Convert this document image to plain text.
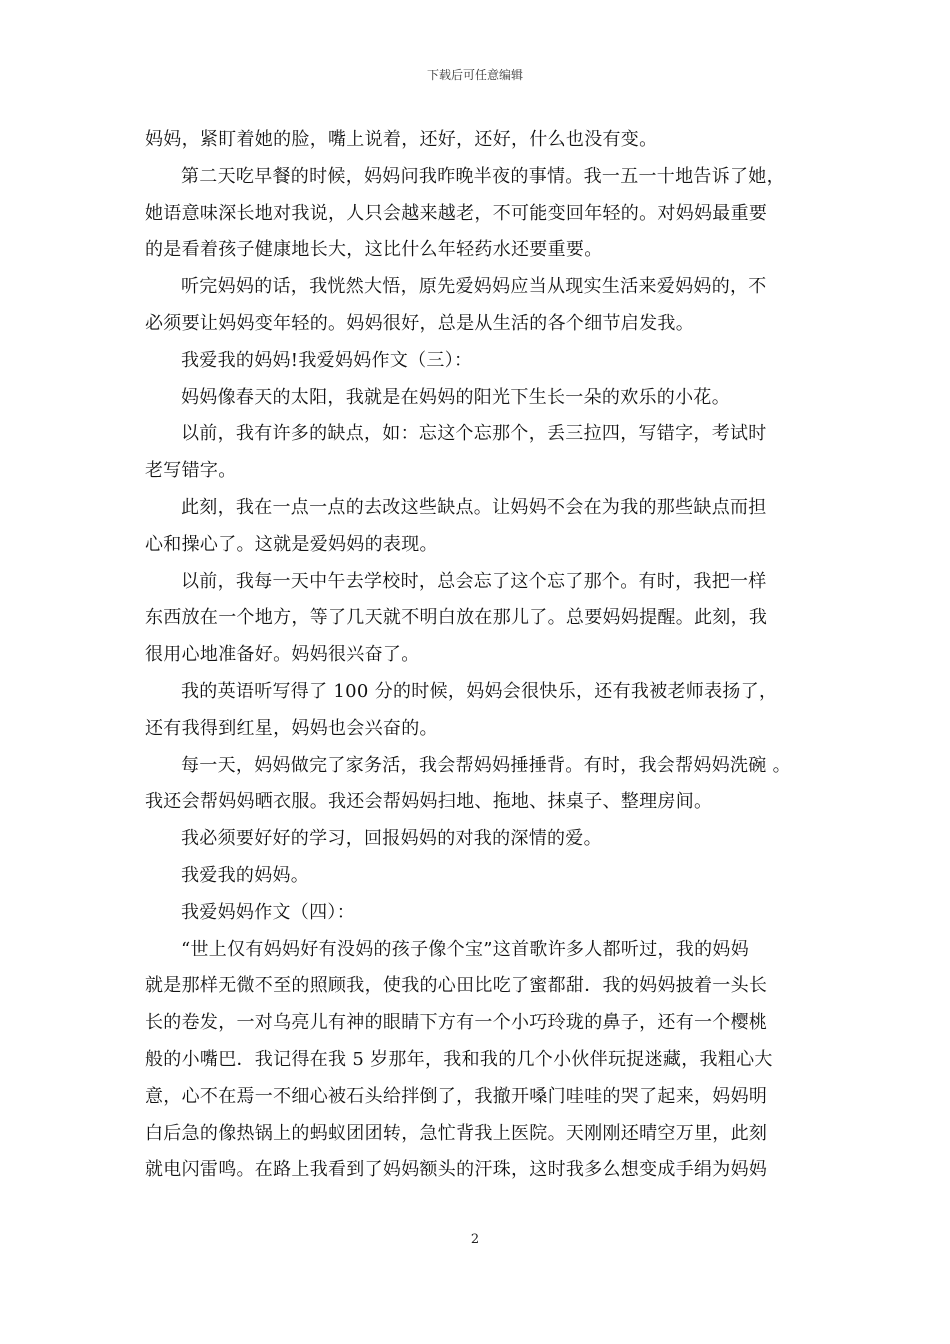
下载后可任意编辑
妈妈，紧盯着她的脸，嘴上说着，还好，还好，什么也没有变。
第二天吃早餐的时候，妈妈问我昨晚半夜的事情。我一五一十地告诉了她，
她语意味深长地对我说，人只会越来越老，不可能变回年轻的。对妈妈最重要
的是看着孩子健康地长大，这比什么年轻药水还要重要。
听完妈妈的话，我恍然大悟，原先爱妈妈应当从现实生活来爱妈妈的，不
必须要让妈妈变年轻的。妈妈很好，总是从生活的各个细节启发我。
我爱我的妈妈!我爱妈妈作文（三）：
妈妈像春天的太阳，我就是在妈妈的阳光下生长一朵的欢乐的小花。
以前，我有许多的缺点，如：忘这个忘那个，丢三拉四，写错字，考试时
老写错字。
此刻，我在一点一点的去改这些缺点。让妈妈不会在为我的那些缺点而担
心和操心了。这就是爱妈妈的表现。
以前，我每一天中午去学校时，总会忘了这个忘了那个。有时，我把一样
东西放在一个地方，等了几天就不明白放在那儿了。总要妈妈提醒。此刻，我
很用心地准备好。妈妈很兴奋了。
我的英语听写得了 100 分的时候，妈妈会很快乐，还有我被老师表扬了，
还有我得到红星，妈妈也会兴奋的。
每一天，妈妈做完了家务活，我会帮妈妈捶捶背。有时，我会帮妈妈洗碗 。
我还会帮妈妈晒衣服。我还会帮妈妈扫地、拖地、抹桌子、整理房间。
我必须要好好的学习，回报妈妈的对我的深情的爱。
我爱我的妈妈。
我爱妈妈作文（四）：
“世上仅有妈妈好有没妈的孩子像个宝”这首歌许多人都听过，我的妈妈
就是那样无微不至的照顾我，使我的心田比吃了蜜都甜．我的妈妈披着一头长
长的卷发，一对乌亮儿有神的眼睛下方有一个小巧玲珑的鼻子，还有一个樱桃
般的小嘴巴．我记得在我 5 岁那年，我和我的几个小伙伴玩捉迷藏，我粗心大
意，心不在焉一不细心被石头给拌倒了，我撤开嗓门哇哇的哭了起来，妈妈明
白后急的像热锅上的蚂蚁团团转，急忙背我上医院。天刚刚还晴空万里，此刻
就电闪雷鸣。在路上我看到了妈妈额头的汗珠，这时我多么想变成手绢为妈妈
2
